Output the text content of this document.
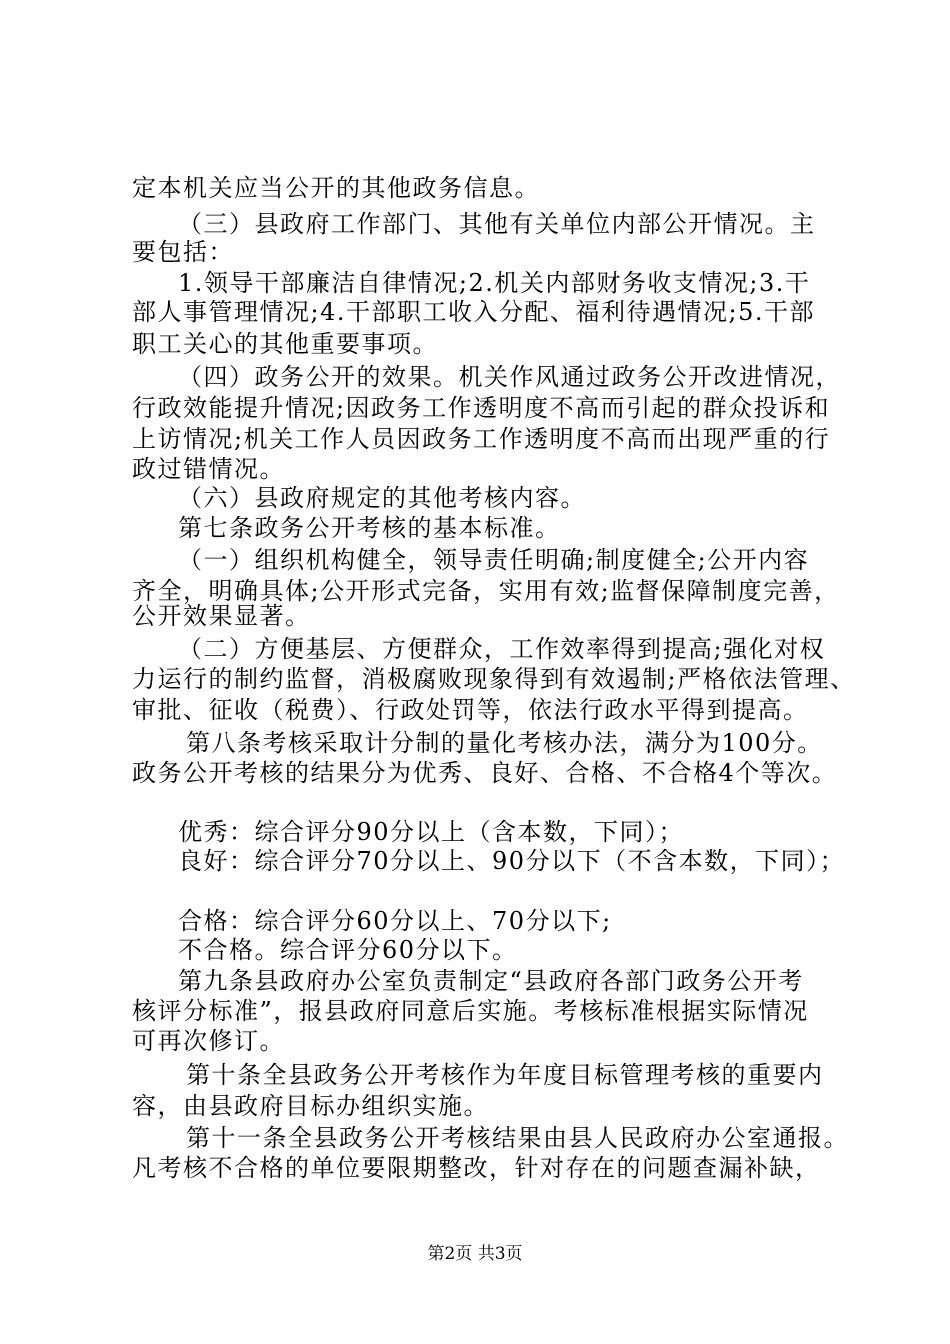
定本机关应当公开的其他政务信息。
（三）县政府工作部门、其他有关单位内部公开情况。主
要包括：
1.领导干部廉洁自律情况;2.机关内部财务收支情况;3.干
部人事管理情况;4.干部职工收入分配、福利待遇情况;5.干部
职工关心的其他重要事项。
（四）政务公开的效果。机关作风通过政务公开改进情况，
行政效能提升情况;因政务工作透明度不高而引起的群众投诉和
上访情况;机关工作人员因政务工作透明度不高而出现严重的行
政过错情况。
（六）县政府规定的其他考核内容。
第七条政务公开考核的基本标准。
（一）组织机构健全，领导责任明确;制度健全;公开内容
齐全，明确具体;公开形式完备，实用有效;监督保障制度完善，
公开效果显著。
（二）方便基层、方便群众，工作效率得到提高;强化对权
力运行的制约监督，消极腐败现象得到有效遏制;严格依法管理、
审批、征收（税费）、行政处罚等，依法行政水平得到提高。
第八条考核采取计分制的量化考核办法，满分为100分。
政务公开考核的结果分为优秀、良好、合格、不合格4个等次。
优秀：综合评分90分以上（含本数，下同）；
良好：综合评分70分以上、90分以下（不含本数，下同）；
合格：综合评分60分以上、70分以下;
不合格。综合评分60分以下。
第九条县政府办公室负责制定“县政府各部门政务公开考
核评分标准”，报县政府同意后实施。考核标准根据实际情况
可再次修订。
第十条全县政务公开考核作为年度目标管理考核的重要内
容，由县政府目标办组织实施。
第十一条全县政务公开考核结果由县人民政府办公室通报。
凡考核不合格的单位要限期整改，针对存在的问题查漏补缺，
第2页 共3页
